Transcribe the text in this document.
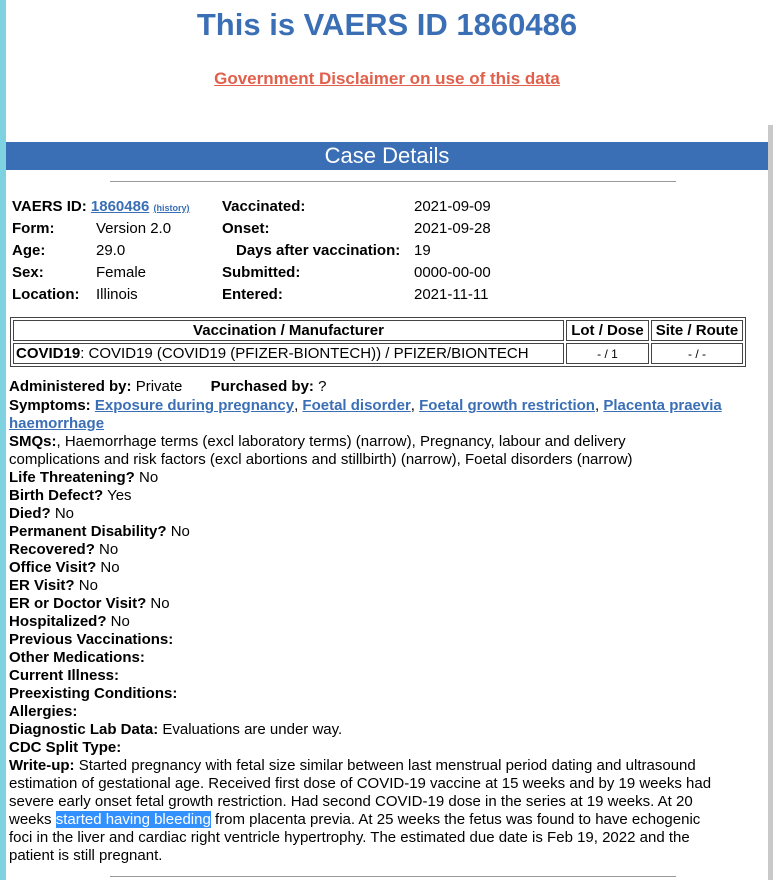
This is VAERS ID 1860486
Government Disclaimer on use of this data
Case Details
VAERS ID: 1860486 (history) Vaccinated:	2021-09-09
Form:	Version 2.0	Onset:	2021-09-28
Age:	29.0	Days after vaccination: 19
Sex:	Female	Submitted:	0000-00-00
Location: Illinois	Entered:	2021-11-11
Vaccination / Manufacturer	Lot / Dose	Site / Route
COVID19: COVID19 (COVID19 (PFIZER-BIONTECH)) / PFIZER/BIONTECH	- / 1	- / -
Administered by: Private Purchased by: ?
Symptoms: Exposure during pregnancy, Foetal disorder, Foetal growth restriction, Placenta praevia haemorrhage
SMQs:, Haemorrhage terms (excl laboratory terms) (narrow), Pregnancy, labour and delivery
complications and risk factors (excl abortions and stillbirth) (narrow), Foetal disorders (narrow)
Life Threatening? No
Birth Defect? Yes
Died? No
Permanent Disability? No
Recovered? No
Office Visit? No
ER Visit? No
ER or Doctor Visit? No
Hospitalized? No
Previous Vaccinations:
Other Medications:
Current Illness:
Preexisting Conditions:
Allergies:
Diagnostic Lab Data: Evaluations are under way.
CDC Split Type:
Write-up: Started pregnancy with fetal size similar between last menstrual period dating and ultrasound
estimation of gestational age. Received first dose of COVID-19 vaccine at 15 weeks and by 19 weeks had
severe early onset fetal growth restriction. Had second COVID-19 dose in the series at 19 weeks. At 20
weeks started having bleeding from placenta previa. At 25 weeks the fetus was found to have echogenic
foci in the liver and cardiac right ventricle hypertrophy. The estimated due date is Feb 19, 2022 and the
patient is still pregnant.
